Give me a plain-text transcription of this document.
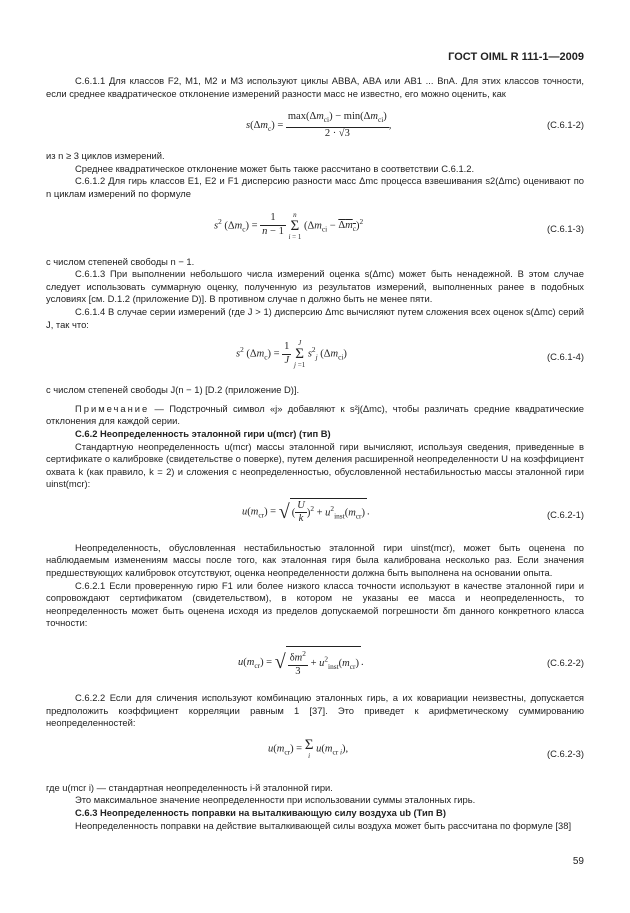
ГОСТ OIML R 111-1—2009

C.6.1.1 Для классов F2, M1, M2 и M3 используют циклы ABBA, ABA или AB1 ... BnA. Для этих классов точности, если среднее квадратическое отклонение измерений разности масс не известно, его можно оценить, как

$s(\Delta m_c) = \frac{\max(\Delta m_{ci}) - \min(\Delta m_{ci})}{2 \cdot √3}$ ,	(C.6.1-2)

из n ≥ 3 циклов измерений.

Среднее квадратическое отклонение может быть также рассчитано в соответствии C.6.1.2.

C.6.1.2 Для гирь классов E1, E2 и F1 дисперсию разности масс Δmc процесса взвешивания s2(Δmc) оценивают по n циклам измерений по формуле

$s^2$ $(\Delta m_c) = \frac{1}{n - 1}$ n
Σ
i = 1 $(\Delta m_{ci} - \Delta m_c)^2$
(C.6.1-3)

с числом степеней свободы n − 1.

C.6.1.3 При выполнении небольшого числа измерений оценка s(Δmc) может быть ненадежной. В этом случае следует использовать суммарную оценку, полученную из результатов измерений, выполненных ранее в подобных условиях [см. D.1.2 (приложение D)]. В противном случае n должно быть не менее пяти.

C.6.1.4 В случае серии измерений (где J > 1) дисперсию Δmc вычисляют путем сложения всех оценок s(Δmc) серий J, так что:

$s^2$ $(\Delta m_c) = \frac{1}{J}$ J
Σ
j =1 $s^2_j$ $(\Delta m_{ci})$	(C.6.1-4)

с числом степеней свободы J(n − 1) [D.2 (приложение D)].

Примечание — Подстрочный символ «j» добавляют к s²j(Δmc), чтобы различать средние квадратические отклонения для каждой серии.

C.6.2 Неопределенность эталонной гири u(mcr) (тип В)

Стандартную неопределенность u(mcr) массы эталонной гири вычисляют, используя сведения, приведенные в сертификате о калибровке (свидетельстве о поверке), путем деления расширенной неопределенности U на коэффициент охвата k (как правило, k = 2) и сложения с неопределенностью, обусловленной нестабильностью массы эталонной гири uinst(mcr):

$u(m_{cr})$ = √ ( $\frac{U}{k} )^2 + u^2_{inst}(m_{cr})$ .	(C.6.2-1)

Неопределенность, обусловленная нестабильностью эталонной гири uinst(mcr), может быть оценена по наблюдаемым изменениям массы после того, как эталонная гиря была калибрована несколько раз. Если значения предшествующих калибровок отсутствуют, оценка неопределенности должна быть выполнена на основании опыта.

C.6.2.1 Если проверенную гирю F1 или более низкого класса точности используют в качестве эталонной гири и сопровождают сертификатом (свидетельством), в котором не указаны ее масса и неопределенность, то неопределенность может быть оценена исходя из пределов допускаемой погрешности δm данного конкретного класса точности:

$u(m_{cr})$ = √ $\frac{\delta m^2}{3} + u^2_{inst}(m_{cr})$ .	(C.6.2-2)

C.6.2.2 Если для сличения используют комбинацию эталонных гирь, а их ковариации неизвестны, допускается предположить коэффициент корреляции равным 1 [37]. Это приведет к арифметическому суммированию неопределенностей:

$u(m_{cr}) = \Sigma$
i $u(m_{cr i})$,	(C.6.2-3)

где u(mcr i) — стандартная неопределенность i-й эталонной гири.

Это максимальное значение неопределенности при использовании суммы эталонных гирь.

C.6.3 Неопределенность поправки на выталкивающую силу воздуха ub (Тип В)

Неопределенность поправки на действие выталкивающей силы воздуха может быть рассчитана по формуле [38]

59
